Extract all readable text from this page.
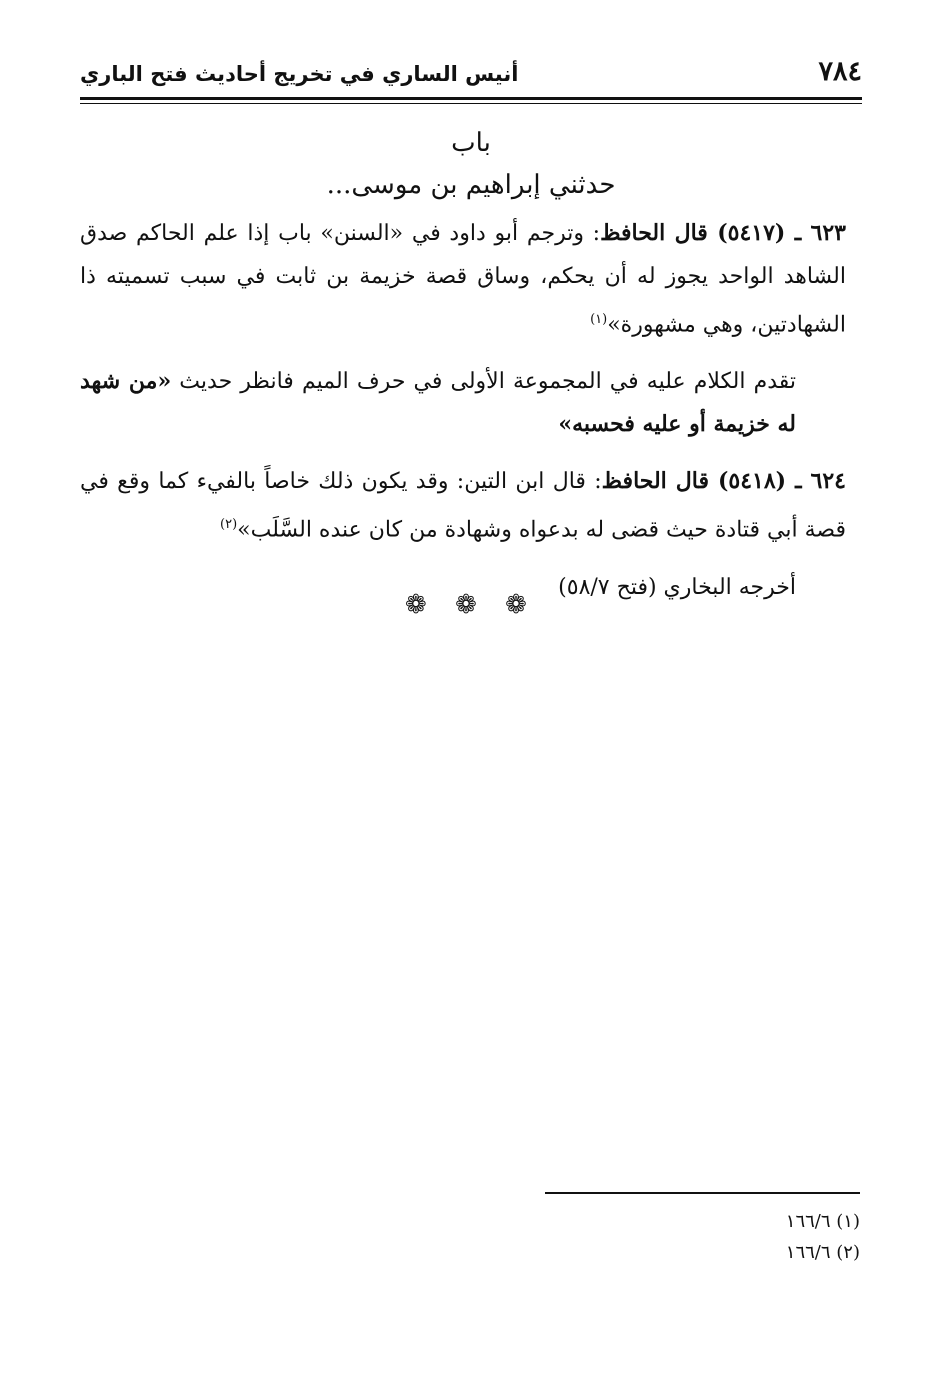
٧٨٤
أنيس الساري في تخريج أحاديث فتح الباري
باب
حدثني إبراهيم بن موسى...

٦٢٣ ـ (٥٤١٧) قال الحافظ: وترجم أبو داود في «السنن» باب إذا علم الحاكم صدق الشاهد الواحد يجوز له أن يحكم، وساق قصة خزيمة بن ثابت في سبب تسميته ذا الشهادتين، وهي مشهورة»$^{(١)}$

تقدم الكلام عليه في المجموعة الأولى في حرف الميم فانظر حديث «من شهد له خزيمة أو عليه فحسبه»

٦٢٤ ـ (٥٤١٨) قال الحافظ: قال ابن التين: وقد يكون ذلك خاصاً بالفيء كما وقع في قصة أبي قتادة حيث قضى له بدعواه وشهادة من كان عنده السَّلَب»$^{(٢)}$

أخرجه البخاري (فتح ٥٨/٧)

❁ ❁ ❁
(١) ١٦٦/٦
(٢) ١٦٦/٦
